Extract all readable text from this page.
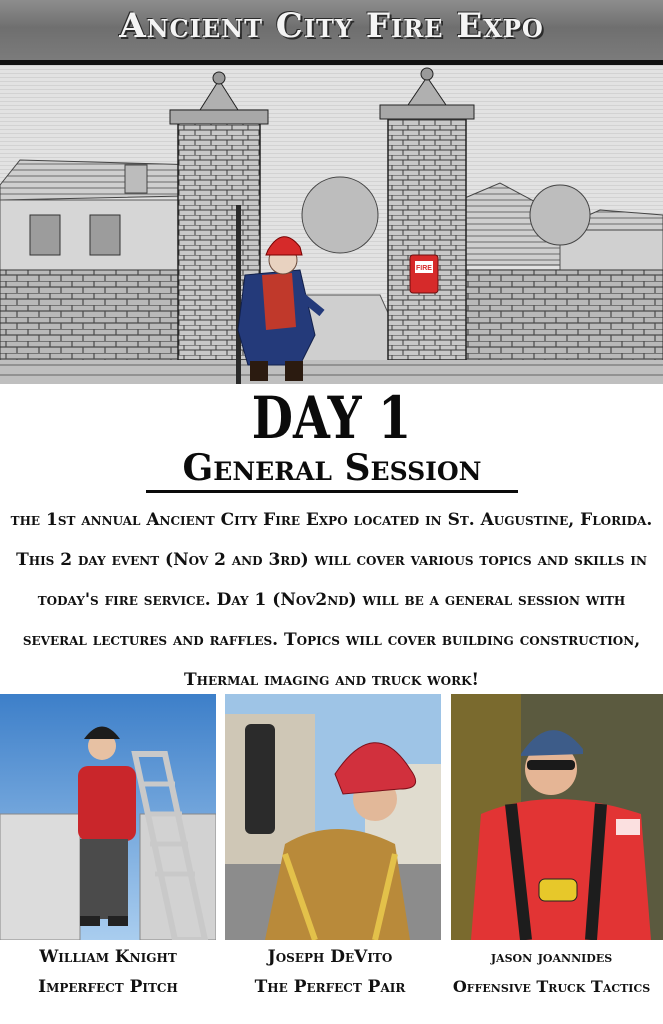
Ancient City Fire Expo
FIRE
DAY 1
General Session
the 1st annual Ancient City Fire Expo located in St. Augustine, Florida. This 2 day event (Nov 2 and 3rd) will cover various topics and skills in today's fire service. Day 1 (Nov2nd) will be a general session with several lectures and raffles. Topics will cover building construction, Thermal imaging and truck work!
William Knight
Imperfect Pitch
Joseph DeVito
The Perfect Pair
jason joannides
Offensive Truck Tactics
